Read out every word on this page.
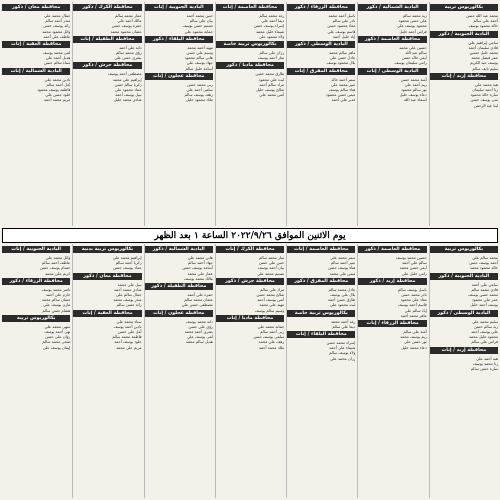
بكالوريوس تربية
محمد عبد الله حسن
أحمد علي سالم
خالد محمود يوسف
البادية الجنوبية / ذكور
سامي إبراهيم علي
فادي سليمان أحمد
محمد خليل حسين
عمر فيصل محمد
يوسف عبد الكريم
سليم نايف سالم
محافظة إربد / إناث
هبة محمد علي
رنا أحمد سليمان
سارة خالد محمود
منى يوسف حسن
لينا عبد الرحمن
البادية الشمالية / ذكور
زيد محمد سالم
علي حسن محمود
محمود يوسف علي
فراس أحمد خليل
محافظة العاصمة / ذكور
حسين علي محمد
سالم عبد الله
أيمن خالد حسن
رامي سليمان يوسف
البادية الوسطى / إناث
آمنة محمد حسن
ريم أحمد علي
نور سالم محمود
دعاء يوسف خليل
أسماء عبد الله
محافظة الزرقاء / ذكور
باسل أحمد محمد
نادر علي سالم
معاذ محمود حسن
قاسم يوسف علي
إياد خليل أحمد
البادية الوسطى / ذكور
ماهر سالم محمد
عادل حسن علي
بلال محمود يوسف
محافظة المفرق / إناث
سمر أحمد خالد
عبير محمد علي
هناء سالم يوسف
ميس حسن محمود
غدير علي أحمد
محافظة العاصمة / إناث
رغد محمد سالم
ديما أحمد علي
إسراء يوسف حسن
شيماء خليل محمد
ولاء محمود علي
بكالوريوس تربية خاصة
رزان علي سالم
منار أحمد يوسف
محافظة مادبا / ذكور
طارق محمد حسن
ليث علي محمود
مراد سالم أحمد
صالح يوسف خليل
أنس محمد علي
البادية الجنوبية / إناث
حنين محمد أحمد
بيان علي سالم
تسنيم حسن يوسف
جمانة محمود علي
محافظة البلقاء / ذكور
مهند أحمد محمد
وسيم علي حسن
هاني سالم محمود
جهاد يوسف علي
أسامة خليل سالم
محافظة عجلون / إناث
ربى محمد حسن
سلمى أحمد علي
رهف يوسف سالم
ملك محمود خليل
محافظة الكرك / ذكور
عمار محمد سالم
مالك أحمد علي
حمزة يوسف حسن
عثمان محمود محمد
محافظة الطفيلة / إناث
دانة علي أحمد
رؤى محمد سالم
بشرى حسن علي
محافظة جرش / ذكور
مصطفى أحمد يوسف
إبراهيم علي محمد
زكريا سالم حسن
عماد محمود علي
نبيل يوسف أحمد
شادي محمد خليل
محافظة معان / ذكور
جمال محمد علي
منذر أحمد سالم
رائد يوسف حسن
وائل محمود محمد
عاطف علي أحمد
محافظة العقبة / إناث
لمى محمد يوسف
هديل أحمد علي
سناء سالم حسن
البادية الشمالية / إناث
نادين محمد علي
أمل أحمد سالم
فاطمة يوسف محمود
خلود حسن علي
مريم محمد أحمد
يوم الاثنين الموافق ٢٠٢٢/٩/٢٦ الساعة ١ بعد الظهر
بكالوريوس تربية
محمد سالم علي
أحمد يوسف حسن
خالد محمود محمد
البادية الجنوبية / ذكور
سامي علي أحمد
فادي محمد سالم
محمد حسن يوسف
عمر علي محمود
يوسف أحمد خليل
البادية الوسطى / ذكور
سليم محمد علي
زيد سالم حسن
علي يوسف أحمد
محمود خليل محمد
فراس علي سالم
محافظة إربد / إناث
هبة أحمد علي
رنا محمد يوسف
سارة حسن سالم
محافظة العاصمة / ذكور
حسين محمد يوسف
سالم علي أحمد
أيمن حسن محمد
رامي خليل علي
محافظة إربد / ذكور
باسل يوسف سالم
نادر محمد حسن
معاذ علي محمود
قاسم أحمد يوسف
إياد سالم علي
ماهر محمد أحمد
محافظة الزرقاء / إناث
آمنة علي سالم
ريم يوسف محمد
نور حسن علي
دعاء محمد خليل
محافظة العاصمة / إناث
سمر محمد علي
عبير أحمد سالم
هناء يوسف حسن
ميس علي محمد
محافظة المفرق / ذكور
عادل محمد سالم
بلال علي يوسف
طارق حسن أحمد
ليث محمود علي
بكالوريوس تربية خاصة
رغد أحمد محمد
ديما علي سالم
محافظة البلقاء / إناث
إسراء محمد حسن
شيماء علي أحمد
ولاء يوسف سالم
رزان محمد علي
محافظة الكرك / إناث
منار محمد سالم
حنين علي حسن
بيان أحمد يوسف
تسنيم محمد علي
محافظة جرش / ذكور
مراد علي سالم
صالح محمد حسن
أنس يوسف أحمد
مهند علي محمد
وسيم سالم يوسف
محافظة مادبا / إناث
جمانة محمد علي
ربى أحمد سالم
سلمى يوسف حسن
رهف علي محمد
ملك محمد أحمد
البادية الشمالية / ذكور
هاني محمد علي
جهاد أحمد سالم
أسامة يوسف حسن
عمار علي محمد
مالك محمد يوسف
محافظة الطفيلة / ذكور
حمزة علي أحمد
عثمان محمد سالم
مصطفى حسن علي
محافظة عجلون / إناث
دانة محمد يوسف
رؤى علي حسن
بشرى أحمد محمد
لمى يوسف علي
هديل سالم محمد
بكالوريوس تربية بدنية
إبراهيم محمد علي
زكريا أحمد سالم
عماد يوسف حسن
محافظة معان / ذكور
نبيل علي محمد
شادي محمد أحمد
جمال سالم علي
منذر يوسف محمد
رائد حسن سالم
محافظة العقبة / إناث
سناء محمد علي
نادين أحمد يوسف
أمل علي حسن
فاطمة محمد سالم
خلود يوسف أحمد
مريم علي محمد
البادية الجنوبية / إناث
وائل محمد علي
عاطف أحمد سالم
حسام يوسف حسن
كريم علي محمد
محافظة الزرقاء / ذكور
ناصر محمد يوسف
حازم علي أحمد
غسان سالم محمد
مازن يوسف علي
هشام حسن سالم
بكالوريوس تربية
سهى محمد علي
نهى أحمد يوسف
روان علي حسن
ضحى محمد سالم
إيمان يوسف علي
